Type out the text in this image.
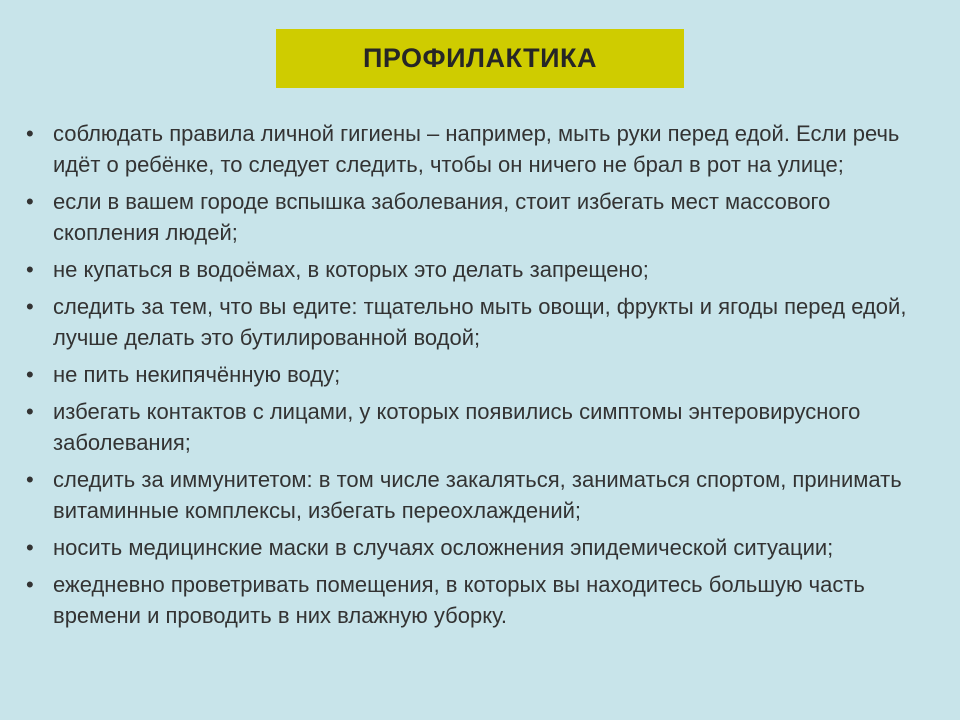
ПРОФИЛАКТИКА
• соблюдать правила личной гигиены – например, мыть руки перед едой. Если речь идёт о ребёнке, то следует следить, чтобы он ничего не брал в рот на улице;
• если в вашем городе вспышка заболевания, стоит избегать мест массового скопления людей;
• не купаться в водоёмах, в которых это делать запрещено;
• следить за тем, что вы едите: тщательно мыть овощи, фрукты и ягоды перед едой, лучше делать это бутилированной водой;
• не пить некипячённую воду;
• избегать контактов с лицами, у которых появились симптомы энтеровирусного заболевания;
• следить за иммунитетом: в том числе закаляться, заниматься спортом, принимать витаминные комплексы, избегать переохлаждений;
• носить медицинские маски в случаях осложнения эпидемической ситуации;
• ежедневно проветривать помещения, в которых вы находитесь большую часть времени и проводить в них влажную уборку.
